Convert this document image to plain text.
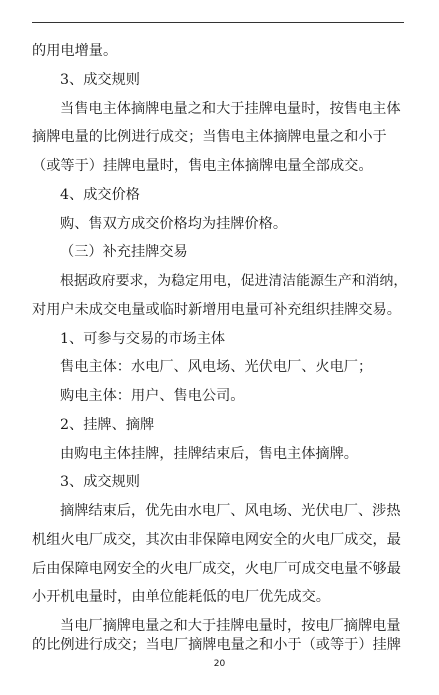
的用电增量。
3、成交规则
当售电主体摘牌电量之和大于挂牌电量时，按售电主体
摘牌电量的比例进行成交；当售电主体摘牌电量之和小于
（或等于）挂牌电量时，售电主体摘牌电量全部成交。
4、成交价格
购、售双方成交价格均为挂牌价格。
（三）补充挂牌交易
根据政府要求，为稳定用电，促进清洁能源生产和消纳，
对用户未成交电量或临时新增用电量可补充组织挂牌交易。
1、可参与交易的市场主体
售电主体：水电厂、风电场、光伏电厂、火电厂；
购电主体：用户、售电公司。
2、挂牌、摘牌
由购电主体挂牌，挂牌结束后，售电主体摘牌。
3、成交规则
摘牌结束后，优先由水电厂、风电场、光伏电厂、涉热
机组火电厂成交，其次由非保障电网安全的火电厂成交，最
后由保障电网安全的火电厂成交，火电厂可成交电量不够最
小开机电量时，由单位能耗低的电厂优先成交。
当电厂摘牌电量之和大于挂牌电量时，按电厂摘牌电量
的比例进行成交；当电厂摘牌电量之和小于（或等于）挂牌
20
